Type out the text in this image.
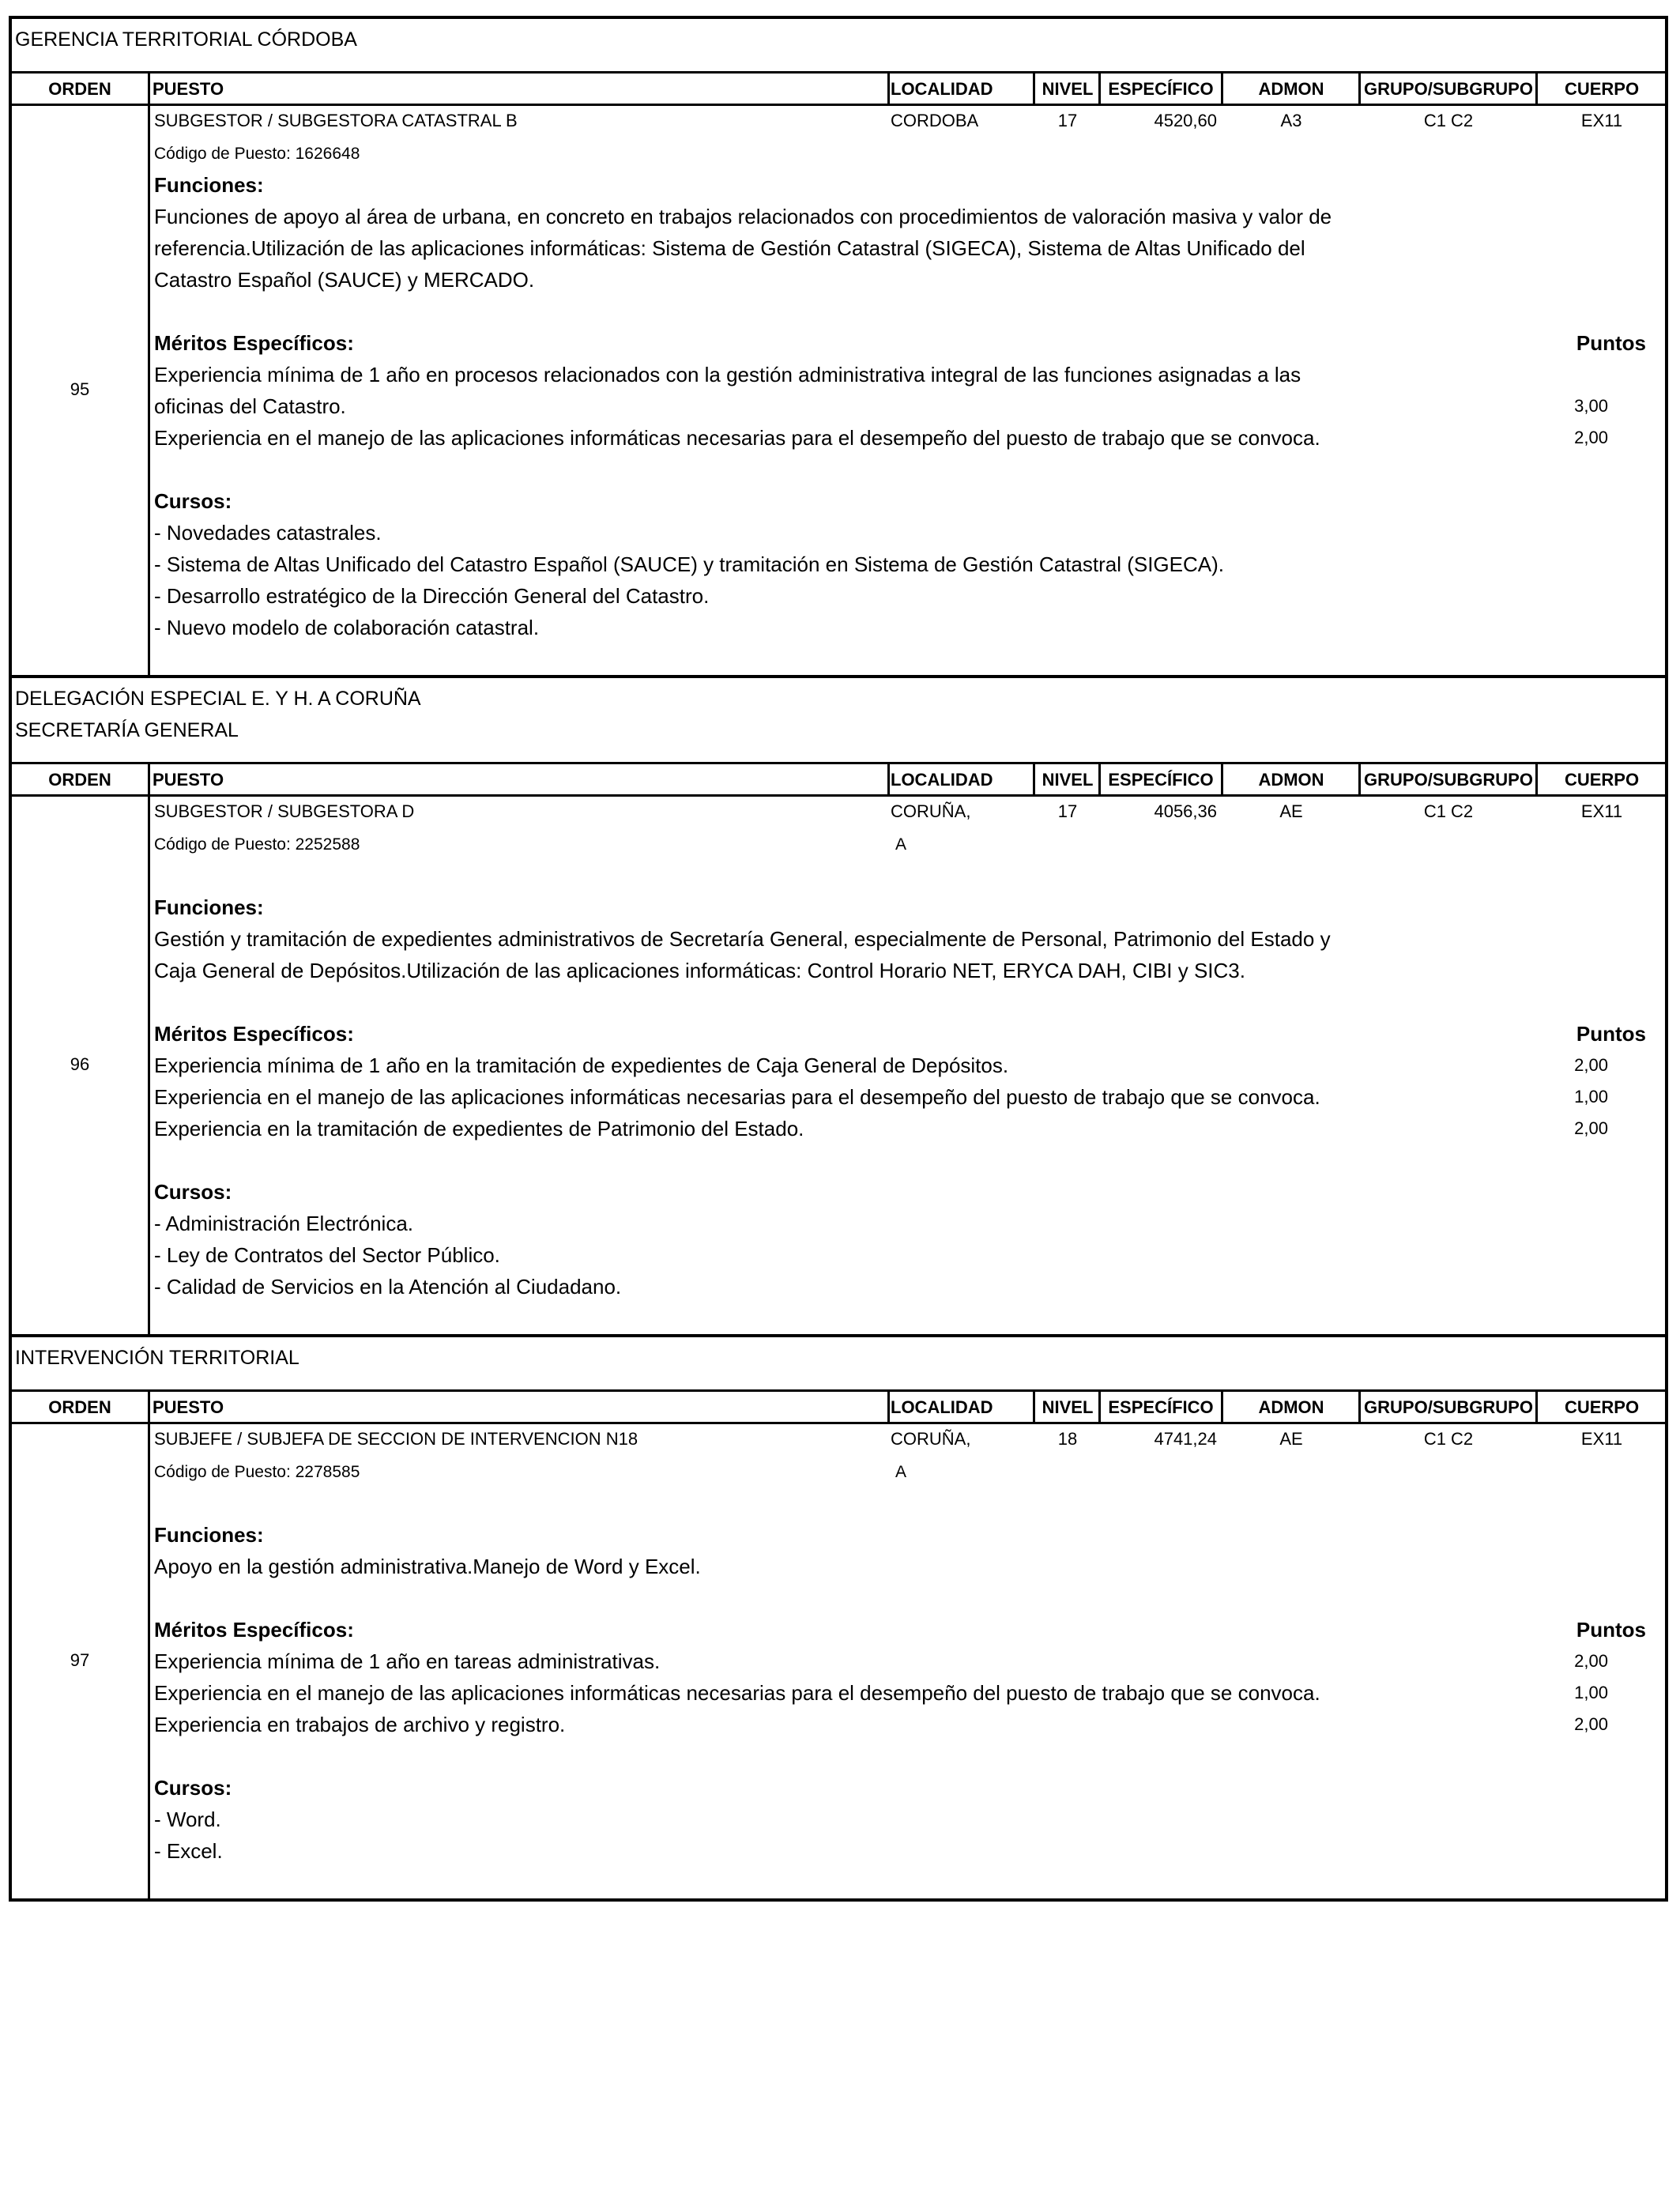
GERENCIA TERRITORIAL CÓRDOBA
ORDEN	PUESTO	LOCALIDAD	NIVEL ESPECÍFICO	ADMON	GRUPO/SUBGRUPO	CUERPO
95
SUBGESTOR / SUBGESTORA CATASTRAL B	CORDOBA	17	4520,60	A3	C1 C2	EX11
Código de Puesto: 1626648

Funciones:

Funciones de apoyo al área de urbana, en concreto en trabajos relacionados con procedimientos de valoración masiva y valor de

referencia.Utilización de las aplicaciones informáticas: Sistema de Gestión Catastral (SIGECA), Sistema de Altas Unificado del

Catastro Español (SAUCE) y MERCADO.

Méritos Específicos:	Puntos

Experiencia mínima de 1 año en procesos relacionados con la gestión administrativa integral de las funciones asignadas a las

oficinas del Catastro.	3,00

Experiencia en el manejo de las aplicaciones informáticas necesarias para el desempeño del puesto de trabajo que se convoca.	2,00

Cursos:

- Novedades catastrales.

- Sistema de Altas Unificado del Catastro Español (SAUCE) y tramitación en Sistema de Gestión Catastral (SIGECA).

- Desarrollo estratégico de la Dirección General del Catastro.

- Nuevo modelo de colaboración catastral.

DELEGACIÓN ESPECIAL E. Y H. A CORUÑA
SECRETARÍA GENERAL
ORDEN	PUESTO	LOCALIDAD	NIVEL ESPECÍFICO	ADMON	GRUPO/SUBGRUPO	CUERPO
96
SUBGESTOR / SUBGESTORA D	CORUÑA,	17	4056,36	AE	C1 C2	EX11
Código de Puesto: 2252588	A

Funciones:

Gestión y tramitación de expedientes administrativos de Secretaría General, especialmente de Personal, Patrimonio del Estado y

Caja General de Depósitos.Utilización de las aplicaciones informáticas: Control Horario NET, ERYCA DAH, CIBI y SIC3.

Méritos Específicos:	Puntos

Experiencia mínima de 1 año en la tramitación de expedientes de Caja General de Depósitos.	2,00

Experiencia en el manejo de las aplicaciones informáticas necesarias para el desempeño del puesto de trabajo que se convoca.	1,00

Experiencia en la tramitación de expedientes de Patrimonio del Estado.	2,00

Cursos:

- Administración Electrónica.

- Ley de Contratos del Sector Público.

- Calidad de Servicios en la Atención al Ciudadano.

INTERVENCIÓN TERRITORIAL
ORDEN	PUESTO	LOCALIDAD	NIVEL ESPECÍFICO	ADMON	GRUPO/SUBGRUPO	CUERPO
97
SUBJEFE / SUBJEFA DE SECCION DE INTERVENCION N18	CORUÑA,	18	4741,24	AE	C1 C2	EX11
Código de Puesto: 2278585	A

Funciones:

Apoyo en la gestión administrativa.Manejo de Word y Excel.

Méritos Específicos:	Puntos

Experiencia mínima de 1 año en tareas administrativas.	2,00

Experiencia en el manejo de las aplicaciones informáticas necesarias para el desempeño del puesto de trabajo que se convoca.	1,00

Experiencia en trabajos de archivo y registro.	2,00

Cursos:

- Word.

- Excel.
